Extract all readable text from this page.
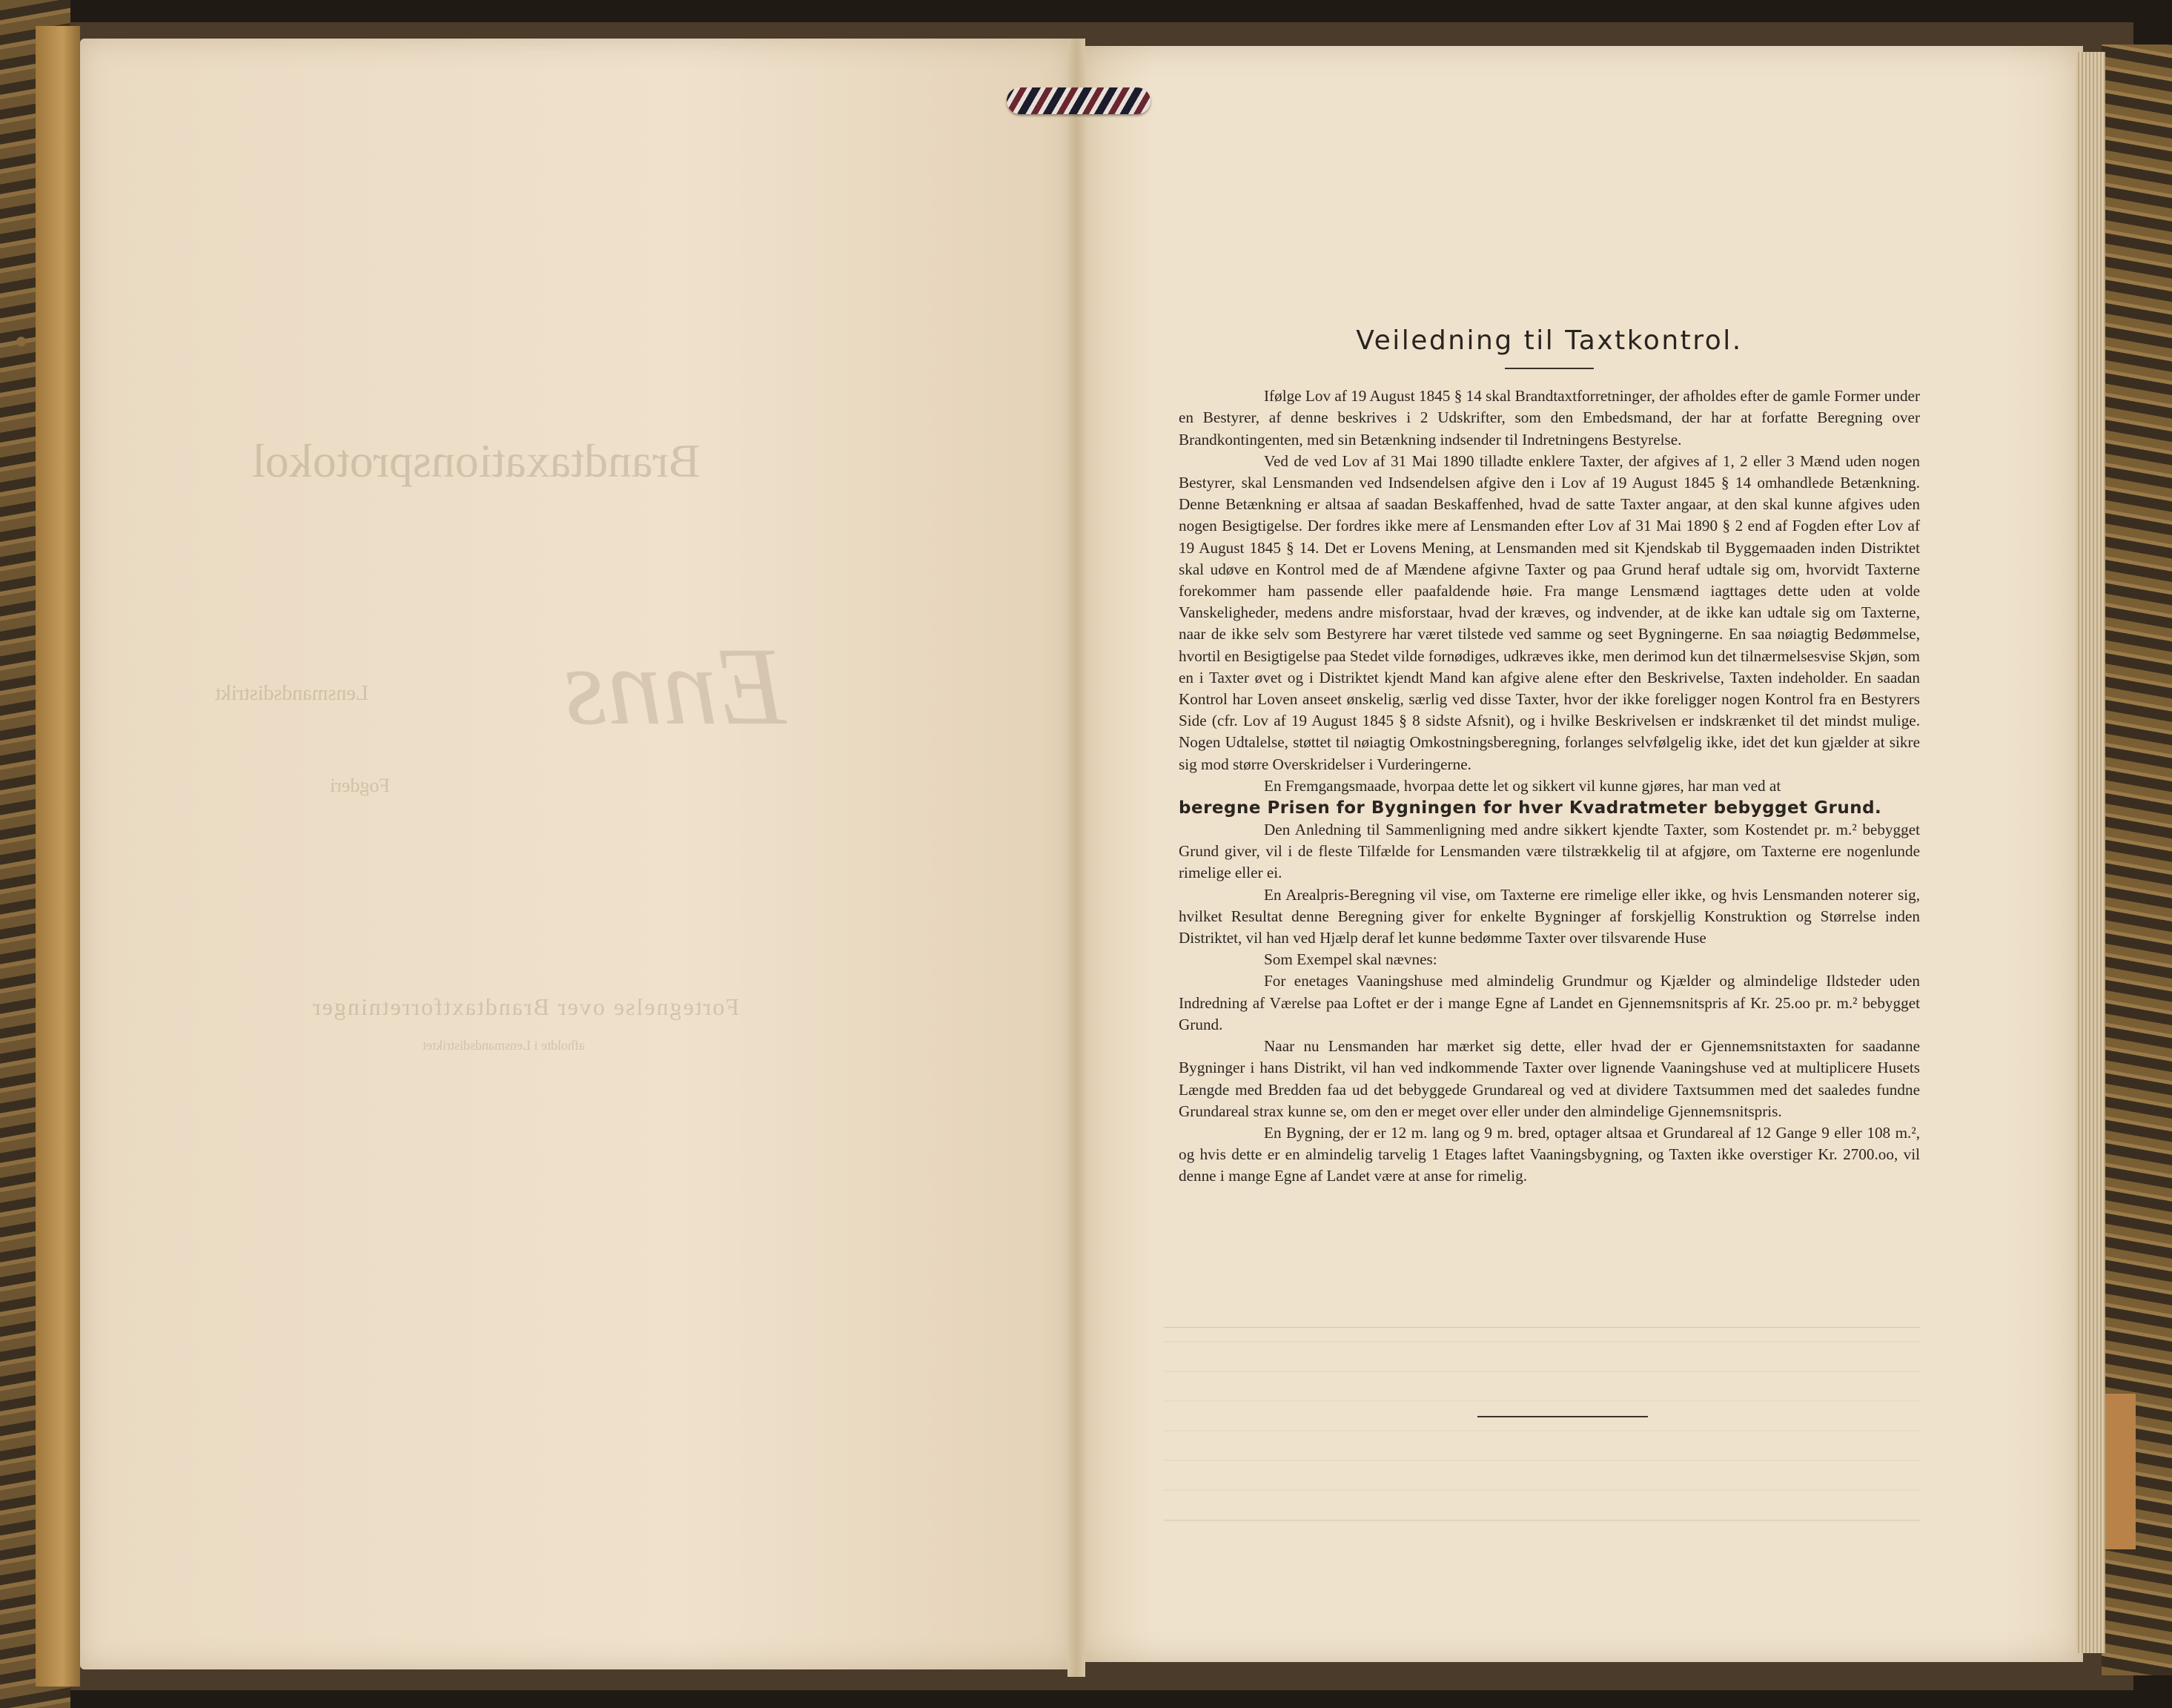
Brandtaxationsprotokol
Enns
Lensmandsdistrikt
Fogderi
Fortegnelse over Brandtaxtforretninger
afholdte i Lensmandsdistriktet
Veiledning til Taxtkontrol.

Ifølge Lov af 19 August 1845 § 14 skal Brandtaxtforretninger, der afholdes efter de gamle Former under en Bestyrer, af denne beskrives i 2 Udskrifter, som den Embedsmand, der har at forfatte Beregning over Brandkontingenten, med sin Betænkning indsender til Indretningens Bestyrelse.

Ved de ved Lov af 31 Mai 1890 tilladte enklere Taxter, der afgives af 1, 2 eller 3 Mænd uden nogen Bestyrer, skal Lensmanden ved Indsendelsen afgive den i Lov af 19 August 1845 § 14 omhandlede Betænkning. Denne Betænkning er altsaa af saadan Beskaffenhed, hvad de satte Taxter angaar, at den skal kunne afgives uden nogen Besigtigelse. Der fordres ikke mere af Lensmanden efter Lov af 31 Mai 1890 § 2 end af Fogden efter Lov af 19 August 1845 § 14. Det er Lovens Mening, at Lensmanden med sit Kjendskab til Byggemaaden inden Distriktet skal udøve en Kontrol med de af Mændene afgivne Taxter og paa Grund heraf udtale sig om, hvorvidt Taxterne forekommer ham passende eller paafaldende høie. Fra mange Lensmænd iagttages dette uden at volde Vanskeligheder, medens andre misforstaar, hvad der kræves, og indvender, at de ikke kan udtale sig om Taxterne, naar de ikke selv som Bestyrere har været tilstede ved samme og seet Bygningerne. En saa nøiagtig Bedømmelse, hvortil en Besigtigelse paa Stedet vilde fornødiges, udkræves ikke, men derimod kun det tilnærmelsesvise Skjøn, som en i Taxter øvet og i Distriktet kjendt Mand kan afgive alene efter den Beskrivelse, Taxten indeholder. En saadan Kontrol har Loven anseet ønskelig, særlig ved disse Taxter, hvor der ikke foreligger nogen Kontrol fra en Bestyrers Side (cfr. Lov af 19 August 1845 § 8 sidste Afsnit), og i hvilke Beskrivelsen er indskrænket til det mindst mulige. Nogen Udtalelse, støttet til nøiagtig Omkostningsberegning, forlanges selvfølgelig ikke, idet det kun gjælder at sikre sig mod større Overskridelser i Vurderingerne.

En Fremgangsmaade, hvorpaa dette let og sikkert vil kunne gjøres, har man ved at

beregne Prisen for Bygningen for hver Kvadratmeter bebygget Grund.

Den Anledning til Sammenligning med andre sikkert kjendte Taxter, som Kostendet pr. m.² bebygget Grund giver, vil i de fleste Tilfælde for Lensmanden være tilstrækkelig til at afgjøre, om Taxterne ere nogenlunde rimelige eller ei.

En Arealpris-Beregning vil vise, om Taxterne ere rimelige eller ikke, og hvis Lensmanden noterer sig, hvilket Resultat denne Beregning giver for enkelte Bygninger af forskjellig Konstruktion og Størrelse inden Distriktet, vil han ved Hjælp deraf let kunne bedømme Taxter over tilsvarende Huse

Som Exempel skal nævnes:

For enetages Vaaningshuse med almindelig Grundmur og Kjælder og almindelige Ildsteder uden Indredning af Værelse paa Loftet er der i mange Egne af Landet en Gjennemsnitspris af Kr. 25.oo pr. m.² bebygget Grund.

Naar nu Lensmanden har mærket sig dette, eller hvad der er Gjennemsnitstaxten for saadanne Bygninger i hans Distrikt, vil han ved indkommende Taxter over lignende Vaaningshuse ved at multiplicere Husets Længde med Bredden faa ud det bebyggede Grundareal og ved at dividere Taxtsummen med det saaledes fundne Grundareal strax kunne se, om den er meget over eller under den almindelige Gjennemsnitspris.

En Bygning, der er 12 m. lang og 9 m. bred, optager altsaa et Grundareal af 12 Gange 9 eller 108 m.², og hvis dette er en almindelig tarvelig 1 Etages laftet Vaaningsbygning, og Taxten ikke overstiger Kr. 2700.oo, vil denne i mange Egne af Landet være at anse for rimelig.
